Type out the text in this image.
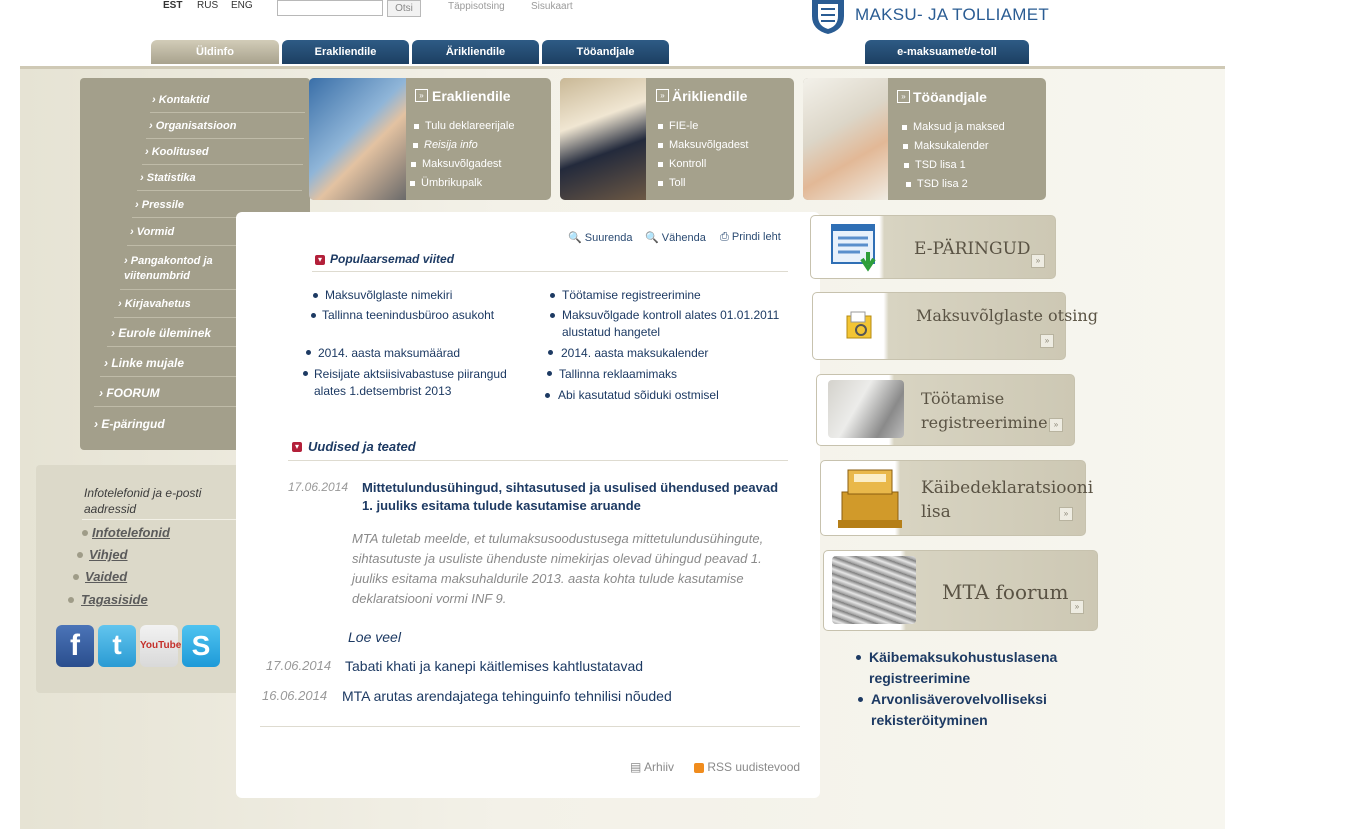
EST RUS ENG	Otsi	Täppisotsing	Sisukaart	MAKSU- JA TOLLIAMET
Üldinfo	Erakliendile	Ärikliendile	Tööandjale	e-maksuamet/e-toll
› Kontaktid
› Organisatsioon
› Koolitused
› Statistika
› Pressile
› Vormid
› Pangakontod ja viitenumbrid
› Kirjavahetus
› Eurole üleminek
› Linke mujale
› FOORUM
› E-päringud
Infotelefonid ja e-posti aadressid
Infotelefonid
Vihjed
Vaided
Tagasiside
f	t	YouTube S
» Erakliendile
Tulu deklareerijale
Reisija info
Maksuvõlgadest
Ümbrikupalk
» Ärikliendile
FIE-le
Maksuvõlgadest
Kontroll
Toll
» Tööandjale
Maksud ja maksed
Maksukalender
TSD lisa 1
TSD lisa 2
🔍 Suurenda 🔍 Vähenda ⎙ Prindi leht
▾ Populaarsemad viited
Maksuvõlglaste nimekiri
Tallinna teenindusbüroo asukoht
2014. aasta maksumäärad
Reisijate aktsiisivabastuse piirangud alates 1.detsembrist 2013
Töötamise registreerimine
Maksuvõlgade kontroll alates 01.01.2011 alustatud hangetel
2014. aasta maksukalender
Tallinna reklaamimaks
Abi kasutatud sõiduki ostmisel
▾ Uudised ja teated
17.06.2014 Mittetulundusühingud, sihtasutused ja usulised ühendused peavad 1. juuliks esitama tulude kasutamise aruande
MTA tuletab meelde, et tulumaksusoodustusega mittetulundusühingute, sihtasutuste ja usuliste ühenduste nimekirjas olevad ühingud peavad 1. juuliks esitama maksuhaldurile 2013. aasta kohta tulude kasutamise deklaratsiooni vormi INF 9.
Loe veel
17.06.2014 Tabati khati ja kanepi käitlemises kahtlustatavad
16.06.2014 MTA arutas arendajatega tehinguinfo tehnilisi nõuded
▤ Arhiiv	RSS uudistevood
E-PÄRINGUD
»
Maksuvõlglaste otsing
»
Töötamise registreerimine »
Käibedeklaratsiooni lisa	»
MTA foorum
»
Käibemaksukohustuslasena registreerimine
Arvonlisäverovelvolliseksi rekisteröityminen
